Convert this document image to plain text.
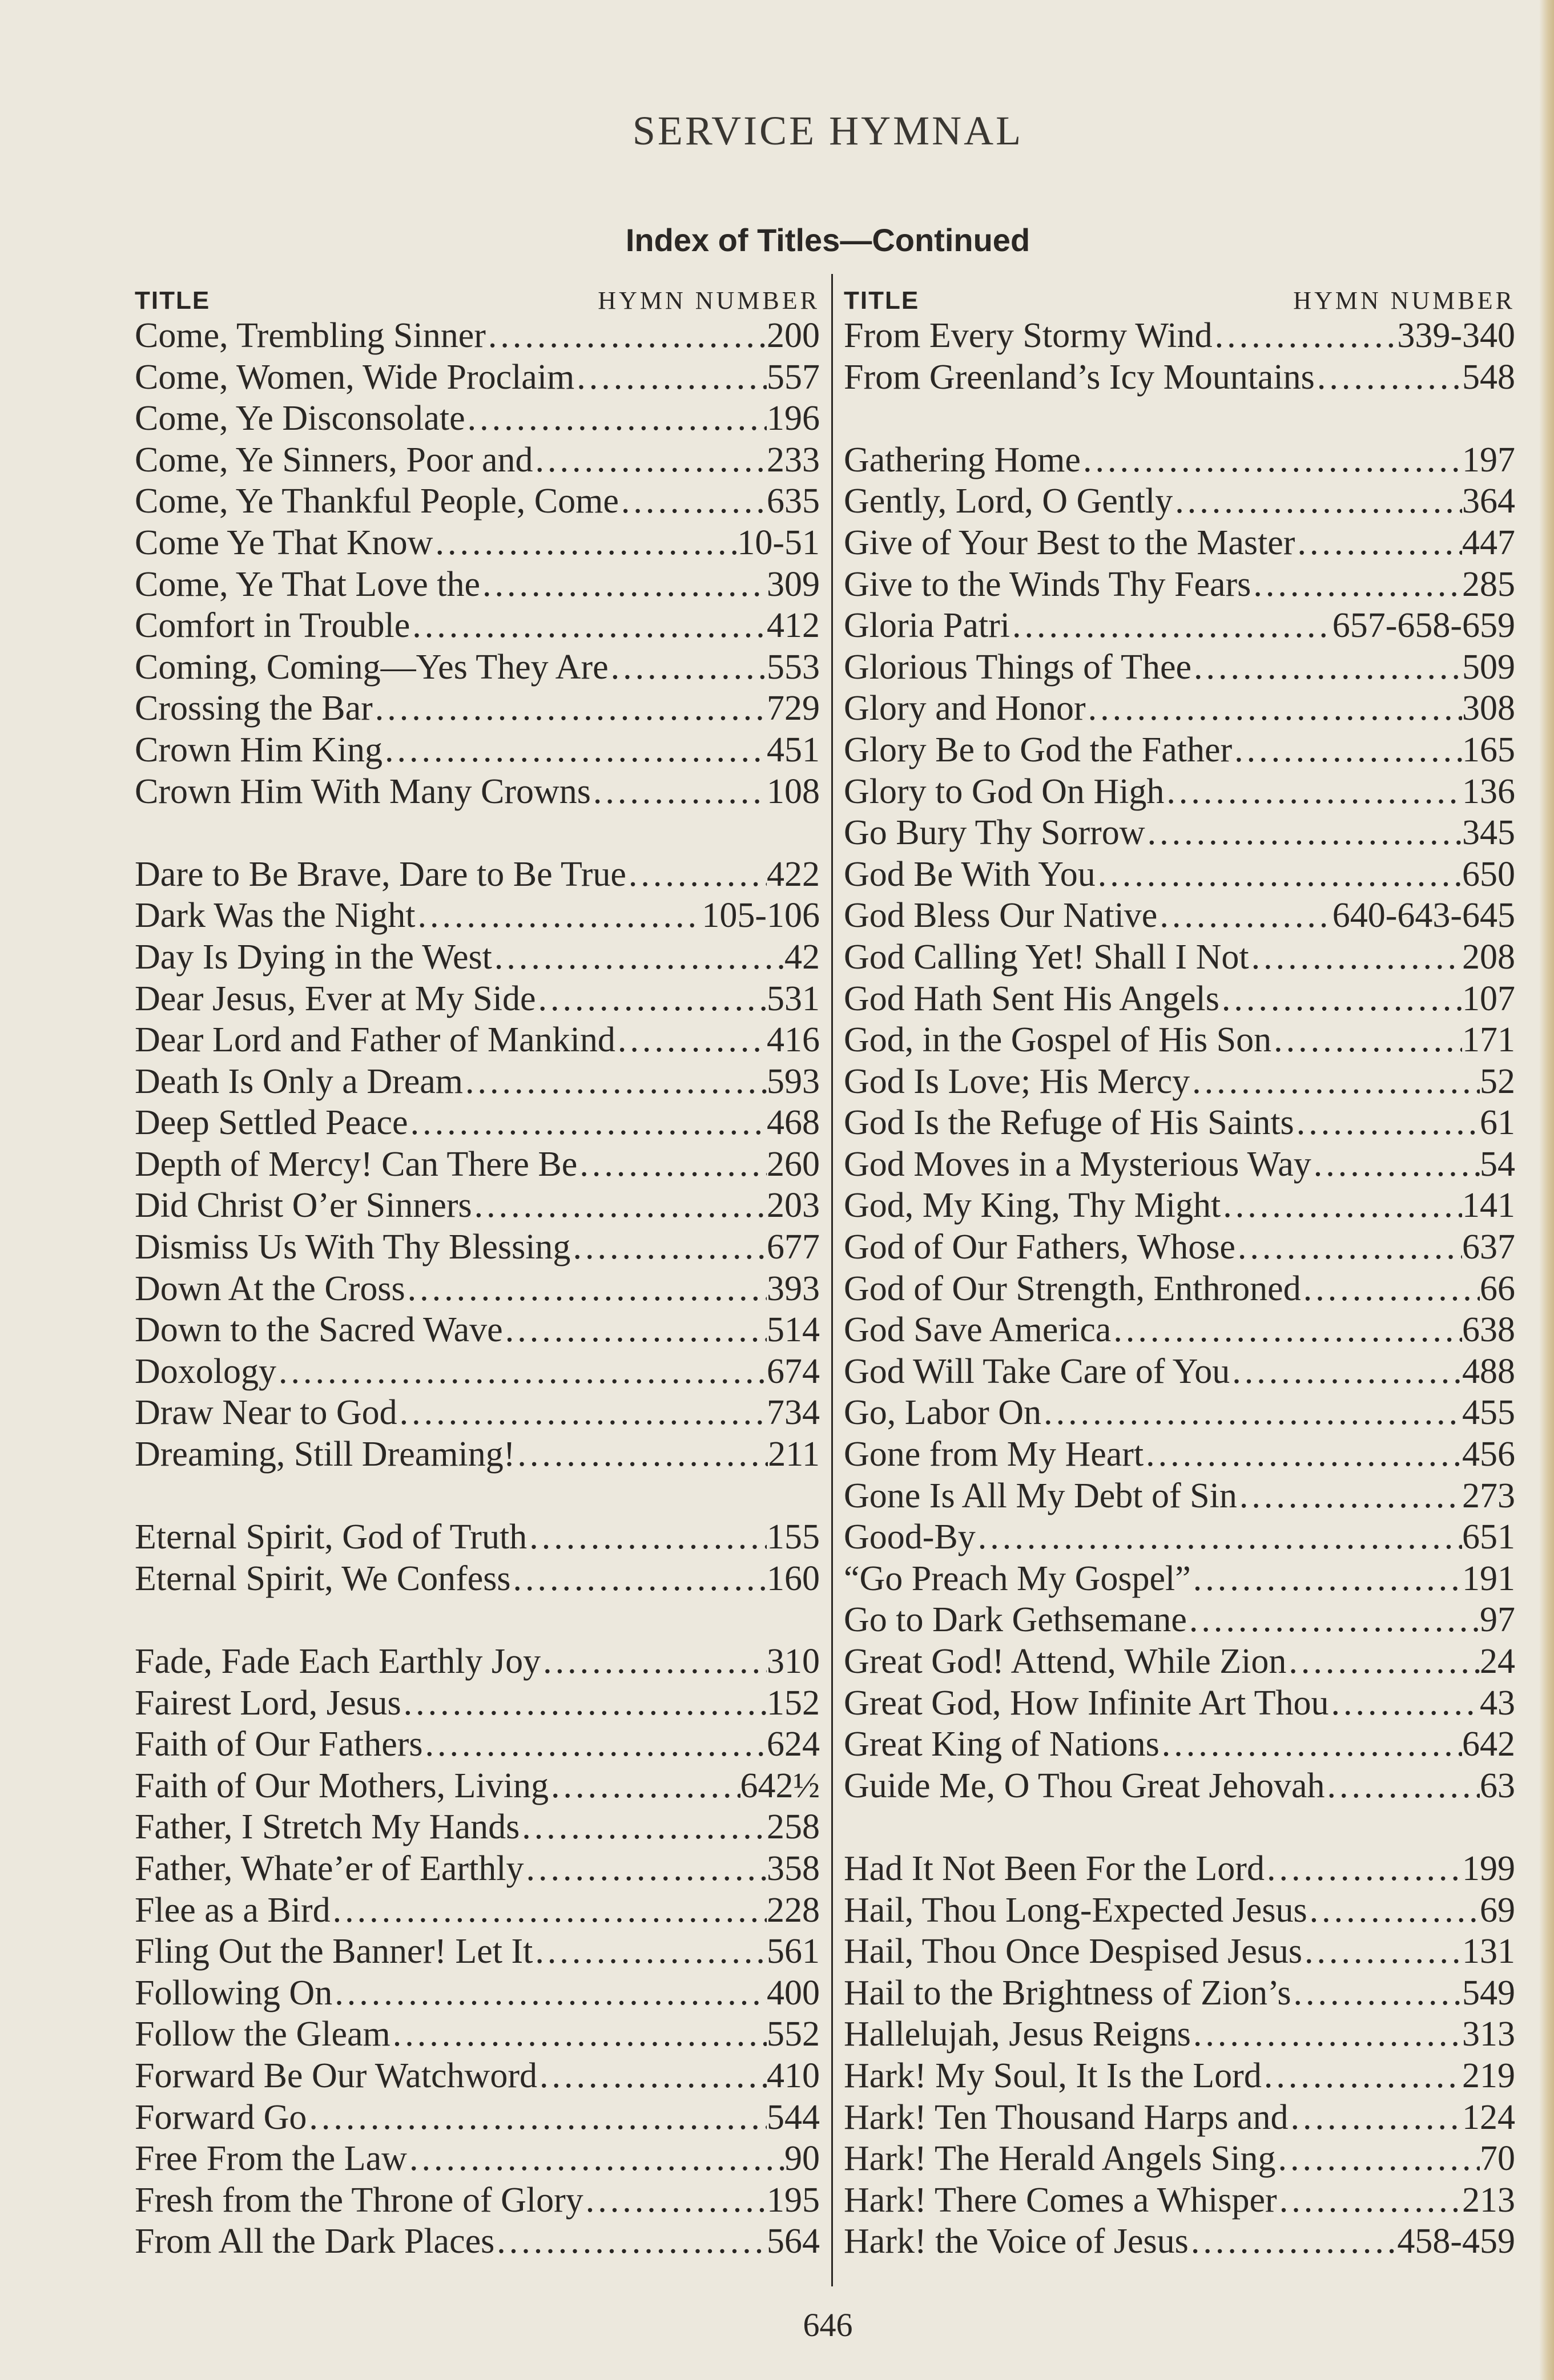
SERVICE HYMNAL
Index of Titles—Continued
TITLE	HYMN NUMBER
Come, Trembling Sinner .....	200
Come, Women, Wide Proclaim .....	557
Come, Ye Disconsolate .....	196
Come, Ye Sinners, Poor and .....	233
Come, Ye Thankful People, Come .....	635
Come Ye That Know .....	10-51
Come, Ye That Love the .....	309
Comfort in Trouble .....	412
Coming, Coming—Yes They Are .....	553
Crossing the Bar .....	729
Crown Him King .....	451
Crown Him With Many Crowns .....	108
Dare to Be Brave, Dare to Be True .....	422
Dark Was the Night .....	105-106
Day Is Dying in the West .....	42
Dear Jesus, Ever at My Side .....	531
Dear Lord and Father of Mankind .....	416
Death Is Only a Dream .....	593
Deep Settled Peace .....	468
Depth of Mercy! Can There Be .....	260
Did Christ O’er Sinners .....	203
Dismiss Us With Thy Blessing .....	677
Down At the Cross .....	393
Down to the Sacred Wave .....	514
Doxology .....	674
Draw Near to God .....	734
Dreaming, Still Dreaming! .....	211
Eternal Spirit, God of Truth .....	155
Eternal Spirit, We Confess .....	160
Fade, Fade Each Earthly Joy .....	310
Fairest Lord, Jesus .....	152
Faith of Our Fathers .....	624
Faith of Our Mothers, Living .....	642½
Father, I Stretch My Hands .....	258
Father, Whate’er of Earthly .....	358
Flee as a Bird .....	228
Fling Out the Banner! Let It .....	561
Following On .....	400
Follow the Gleam .....	552
Forward Be Our Watchword .....	410
Forward Go .....	544
Free From the Law .....	90
Fresh from the Throne of Glory .....	195
From All the Dark Places .....	564
TITLE	HYMN NUMBER
From Every Stormy Wind .....	339-340
From Greenland’s Icy Mountains .....	548
Gathering Home .....	197
Gently, Lord, O Gently .....	364
Give of Your Best to the Master .....	447
Give to the Winds Thy Fears .....	285
Gloria Patri .....	657-658-659
Glorious Things of Thee .....	509
Glory and Honor .....	308
Glory Be to God the Father .....	165
Glory to God On High .....	136
Go Bury Thy Sorrow .....	345
God Be With You .....	650
God Bless Our Native .....	640-643-645
God Calling Yet! Shall I Not .....	208
God Hath Sent His Angels .....	107
God, in the Gospel of His Son .....	171
God Is Love; His Mercy .....	52
God Is the Refuge of His Saints .....	61
God Moves in a Mysterious Way .....	54
God, My King, Thy Might .....	141
God of Our Fathers, Whose .....	637
God of Our Strength, Enthroned .....	66
God Save America .....	638
God Will Take Care of You .....	488
Go, Labor On .....	455
Gone from My Heart .....	456
Gone Is All My Debt of Sin .....	273
Good-By .....	651
“Go Preach My Gospel” .....	191
Go to Dark Gethsemane .....	97
Great God! Attend, While Zion .....	24
Great God, How Infinite Art Thou .....	43
Great King of Nations .....	642
Guide Me, O Thou Great Jehovah .....	63
Had It Not Been For the Lord .....	199
Hail, Thou Long-Expected Jesus .....	69
Hail, Thou Once Despised Jesus .....	131
Hail to the Brightness of Zion’s .....	549
Hallelujah, Jesus Reigns .....	313
Hark! My Soul, It Is the Lord .....	219
Hark! Ten Thousand Harps and .....	124
Hark! The Herald Angels Sing .....	70
Hark! There Comes a Whisper .....	213
Hark! the Voice of Jesus .....	458-459
646
